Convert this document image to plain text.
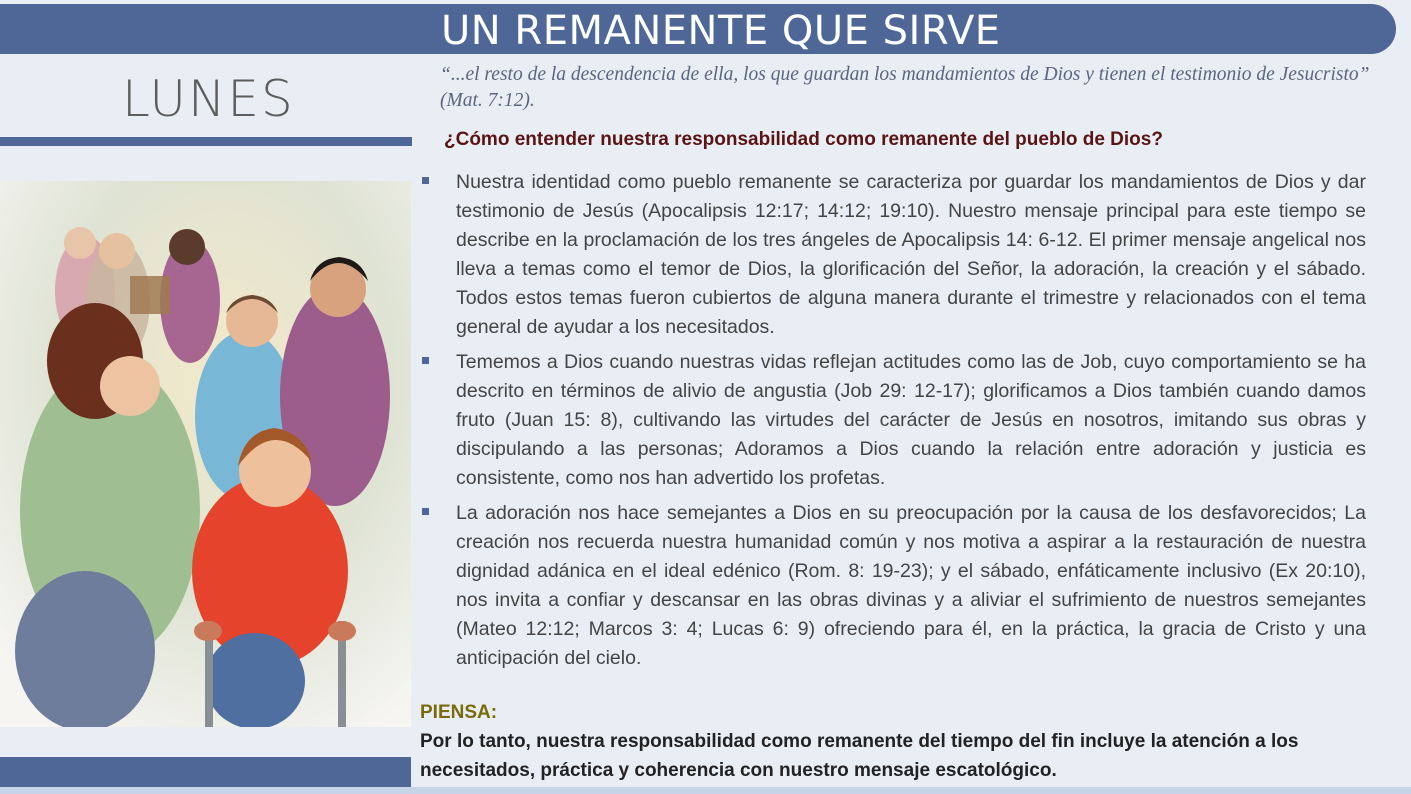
UN REMANENTE QUE SIRVE
LUNES	“...el resto de la descendencia de ella, los que guardan los mandamientos de Dios y tienen el testimonio de Jesucristo” (Mat. 7:12).
¿Cómo entender nuestra responsabilidad como remanente del pueblo de Dios?
Nuestra identidad como pueblo remanente se caracteriza por guardar los mandamientos de Dios y dar testimonio de Jesús (Apocalipsis 12:17; 14:12; 19:10). Nuestro mensaje principal para este tiempo se describe en la proclamación de los tres ángeles de Apocalipsis 14: 6-12. El primer mensaje angelical nos lleva a temas como el temor de Dios, la glorificación del Señor, la adoración, la creación y el sábado. Todos estos temas fueron cubiertos de alguna manera durante el trimestre y relacionados con el tema general de ayudar a los necesitados.
Tememos a Dios cuando nuestras vidas reflejan actitudes como las de Job, cuyo comportamiento se ha descrito en términos de alivio de angustia (Job 29: 12-17); glorificamos a Dios también cuando damos fruto (Juan 15: 8), cultivando las virtudes del carácter de Jesús en nosotros, imitando sus obras y discipulando a las personas; Adoramos a Dios cuando la relación entre adoración y justicia es consistente, como nos han advertido los profetas.
La adoración nos hace semejantes a Dios en su preocupación por la causa de los desfavorecidos; La creación nos recuerda nuestra humanidad común y nos motiva a aspirar a la restauración de nuestra dignidad adánica en el ideal edénico (Rom. 8: 19-23); y el sábado, enfáticamente inclusivo (Ex 20:10), nos invita a confiar y descansar en las obras divinas y a aliviar el sufrimiento de nuestros semejantes (Mateo 12:12; Marcos 3: 4; Lucas 6: 9) ofreciendo para él, en la práctica, la gracia de Cristo y una anticipación del cielo.
PIENSA:
Por lo tanto, nuestra responsabilidad como remanente del tiempo del fin incluye la atención a los necesitados, práctica y coherencia con nuestro mensaje escatológico.
